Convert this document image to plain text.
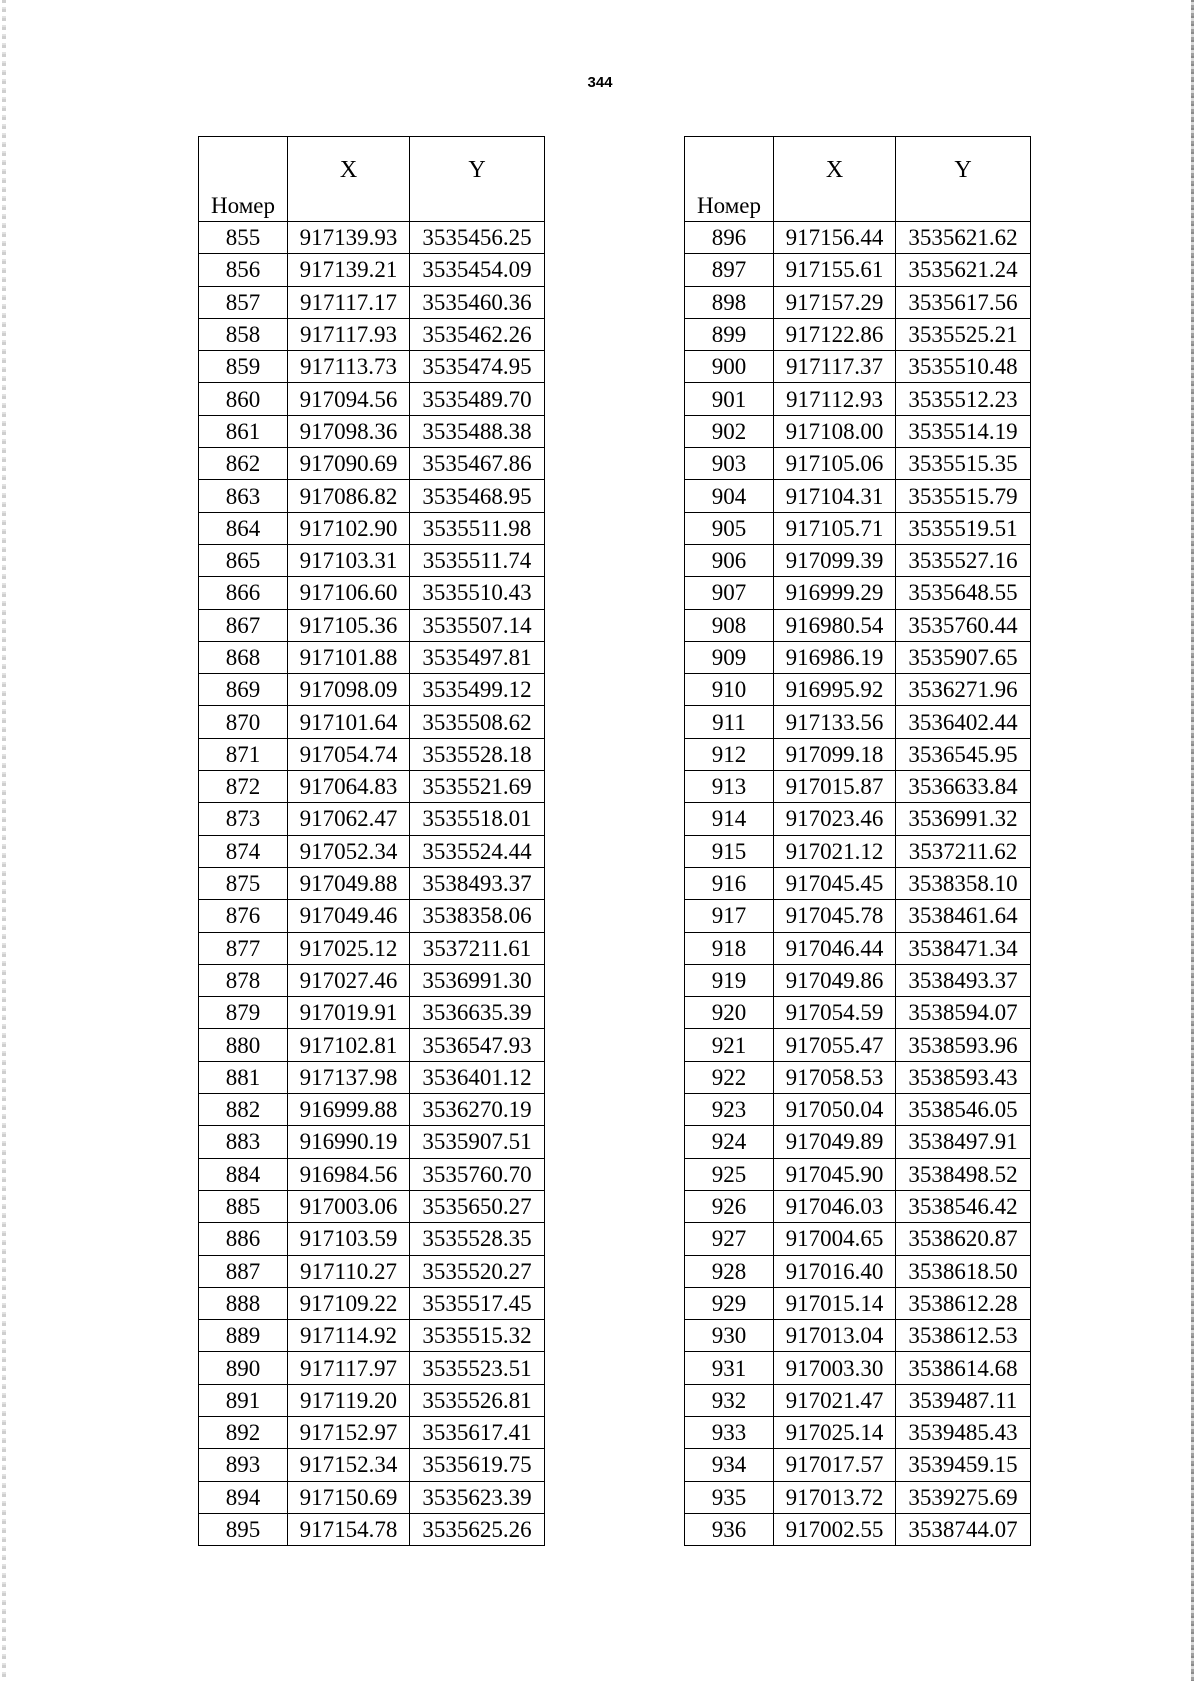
344
Номер	X	Y
855	917139.93	3535456.25
856	917139.21	3535454.09
857	917117.17	3535460.36
858	917117.93	3535462.26
859	917113.73	3535474.95
860	917094.56	3535489.70
861	917098.36	3535488.38
862	917090.69	3535467.86
863	917086.82	3535468.95
864	917102.90	3535511.98
865	917103.31	3535511.74
866	917106.60	3535510.43
867	917105.36	3535507.14
868	917101.88	3535497.81
869	917098.09	3535499.12
870	917101.64	3535508.62
871	917054.74	3535528.18
872	917064.83	3535521.69
873	917062.47	3535518.01
874	917052.34	3535524.44
875	917049.88	3538493.37
876	917049.46	3538358.06
877	917025.12	3537211.61
878	917027.46	3536991.30
879	917019.91	3536635.39
880	917102.81	3536547.93
881	917137.98	3536401.12
882	916999.88	3536270.19
883	916990.19	3535907.51
884	916984.56	3535760.70
885	917003.06	3535650.27
886	917103.59	3535528.35
887	917110.27	3535520.27
888	917109.22	3535517.45
889	917114.92	3535515.32
890	917117.97	3535523.51
891	917119.20	3535526.81
892	917152.97	3535617.41
893	917152.34	3535619.75
894	917150.69	3535623.39
895	917154.78	3535625.26
Номер	X	Y
896	917156.44	3535621.62
897	917155.61	3535621.24
898	917157.29	3535617.56
899	917122.86	3535525.21
900	917117.37	3535510.48
901	917112.93	3535512.23
902	917108.00	3535514.19
903	917105.06	3535515.35
904	917104.31	3535515.79
905	917105.71	3535519.51
906	917099.39	3535527.16
907	916999.29	3535648.55
908	916980.54	3535760.44
909	916986.19	3535907.65
910	916995.92	3536271.96
911	917133.56	3536402.44
912	917099.18	3536545.95
913	917015.87	3536633.84
914	917023.46	3536991.32
915	917021.12	3537211.62
916	917045.45	3538358.10
917	917045.78	3538461.64
918	917046.44	3538471.34
919	917049.86	3538493.37
920	917054.59	3538594.07
921	917055.47	3538593.96
922	917058.53	3538593.43
923	917050.04	3538546.05
924	917049.89	3538497.91
925	917045.90	3538498.52
926	917046.03	3538546.42
927	917004.65	3538620.87
928	917016.40	3538618.50
929	917015.14	3538612.28
930	917013.04	3538612.53
931	917003.30	3538614.68
932	917021.47	3539487.11
933	917025.14	3539485.43
934	917017.57	3539459.15
935	917013.72	3539275.69
936	917002.55	3538744.07
